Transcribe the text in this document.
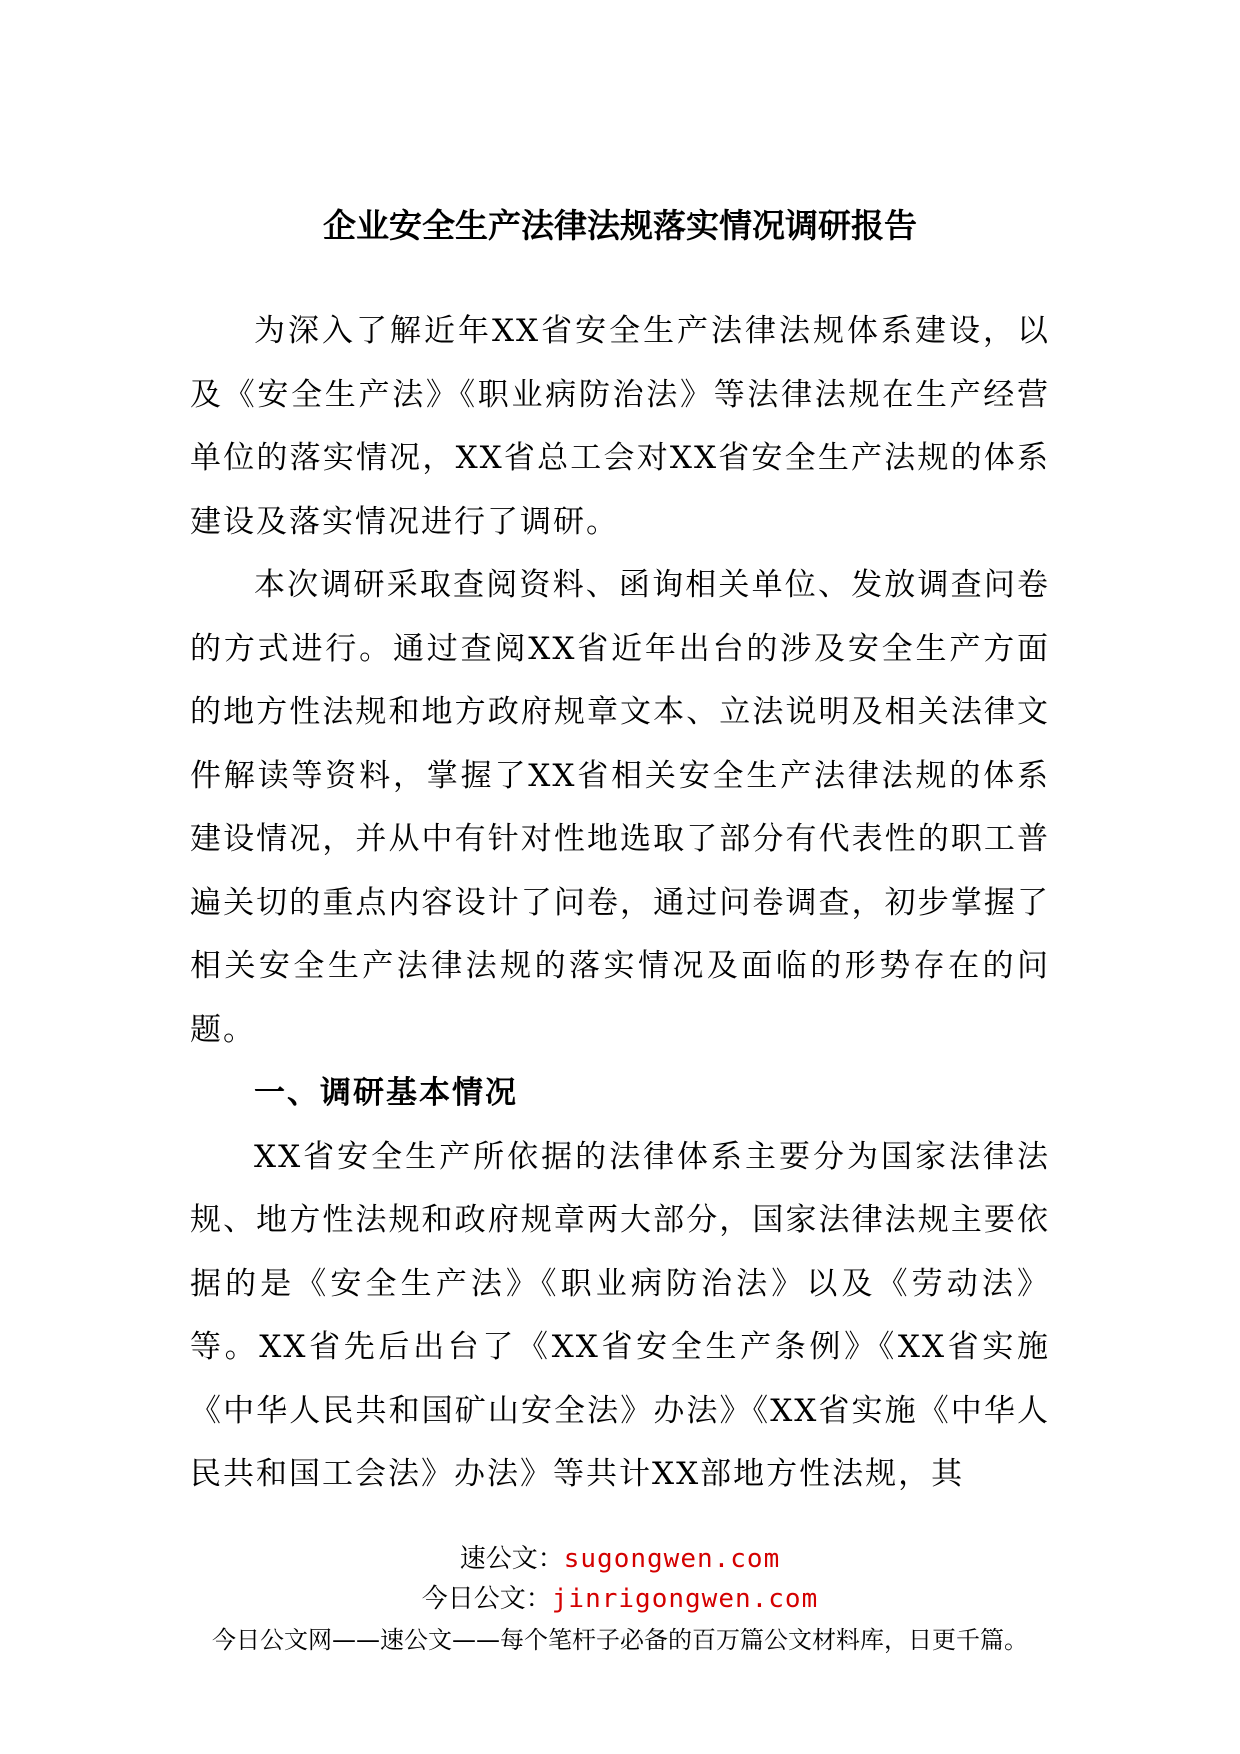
企业安全生产法律法规落实情况调研报告

为深入了解近年XX省安全生产法律法规体系建设，以及《安全生产法》《职业病防治法》等法律法规在生产经营单位的落实情况，XX省总工会对XX省安全生产法规的体系建设及落实情况进行了调研。

本次调研采取查阅资料、函询相关单位、发放调查问卷的方式进行。通过查阅XX省近年出台的涉及安全生产方面的地方性法规和地方政府规章文本、立法说明及相关法律文件解读等资料，掌握了XX省相关安全生产法律法规的体系建设情况，并从中有针对性地选取了部分有代表性的职工普遍关切的重点内容设计了问卷，通过问卷调查，初步掌握了相关安全生产法律法规的落实情况及面临的形势存在的问题。

一、调研基本情况

XX省安全生产所依据的法律体系主要分为国家法律法规、地方性法规和政府规章两大部分，国家法律法规主要依据的是《安全生产法》《职业病防治法》以及《劳动法》等。XX省先后出台了《XX省安全生产条例》《XX省实施《中华人民共和国矿山安全法》办法》《XX省实施《中华人民共和国工会法》办法》等共计XX部地方性法规，其

速公文：sugongwen.com
今日公文：jinrigongwen.com
今日公文网——速公文——每个笔杆子必备的百万篇公文材料库，日更千篇。
